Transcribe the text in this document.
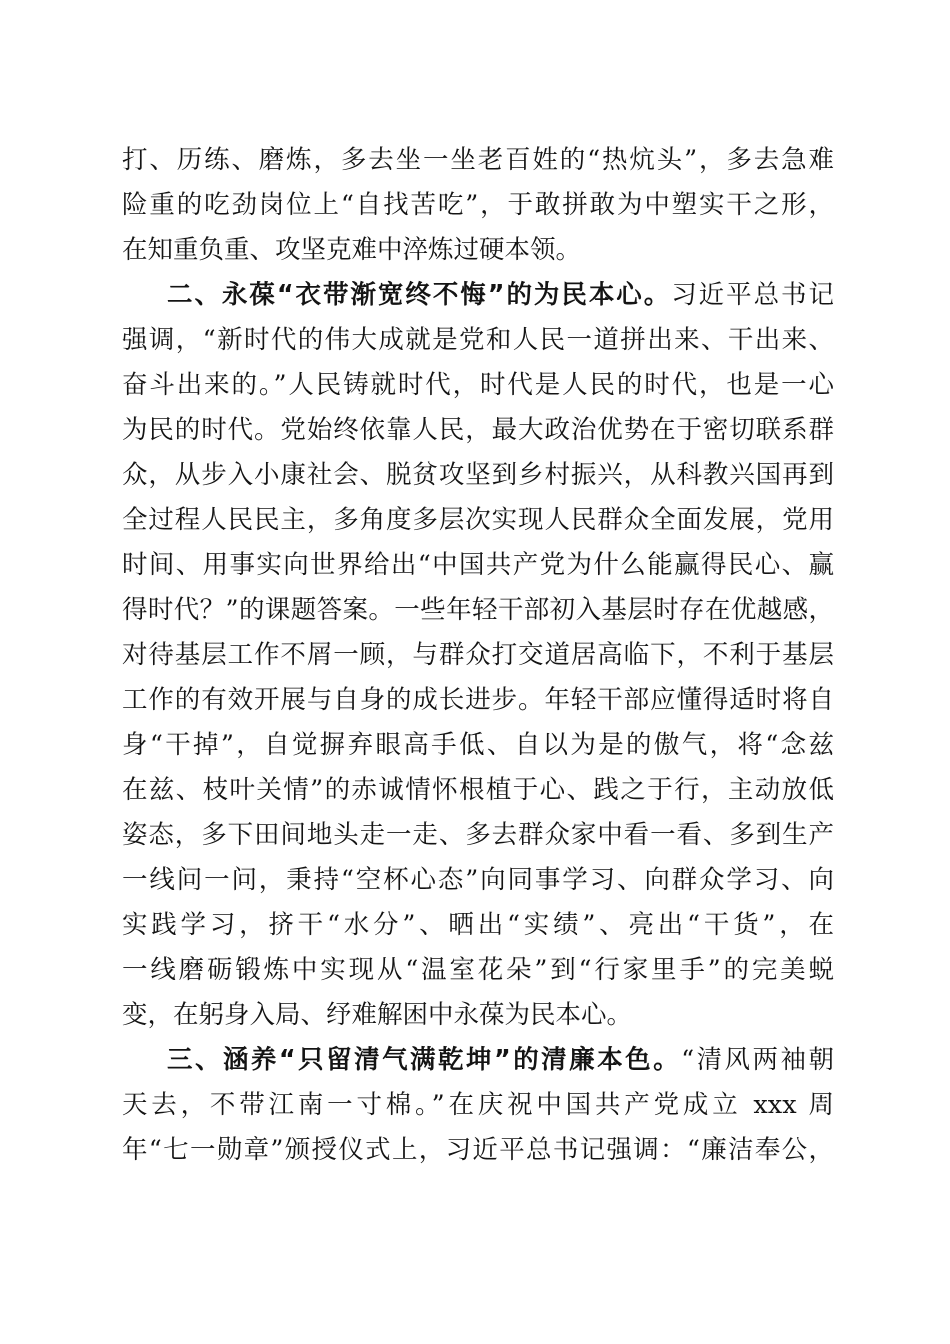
打、历练、磨炼，多去坐一坐老百姓的“热炕头”，多去急难
险重的吃劲岗位上“自找苦吃”，于敢拼敢为中塑实干之形，
在知重负重、攻坚克难中淬炼过硬本领。
二、永葆“衣带渐宽终不悔”的为民本心。习近平总书记
强调，“新时代的伟大成就是党和人民一道拼出来、干出来、
奋斗出来的。”人民铸就时代，时代是人民的时代，也是一心
为民的时代。党始终依靠人民，最大政治优势在于密切联系群
众，从步入小康社会、脱贫攻坚到乡村振兴，从科教兴国再到
全过程人民民主，多角度多层次实现人民群众全面发展，党用
时间、用事实向世界给出“中国共产党为什么能赢得民心、赢
得时代？”的课题答案。一些年轻干部初入基层时存在优越感，
对待基层工作不屑一顾，与群众打交道居高临下，不利于基层
工作的有效开展与自身的成长进步。年轻干部应懂得适时将自
身“干掉”，自觉摒弃眼高手低、自以为是的傲气，将“念兹
在兹、枝叶关情”的赤诚情怀根植于心、践之于行，主动放低
姿态，多下田间地头走一走、多去群众家中看一看、多到生产
一线问一问，秉持“空杯心态”向同事学习、向群众学习、向
实践学习，挤干“水分”、晒出“实绩”、亮出“干货”，在
一线磨砺锻炼中实现从“温室花朵”到“行家里手”的完美蜕
变，在躬身入局、纾难解困中永葆为民本心。
三、涵养“只留清气满乾坤”的清廉本色。“清风两袖朝
天去，不带江南一寸棉。”在庆祝中国共产党成立 xxx 周
年“七一勋章”颁授仪式上，习近平总书记强调：“廉洁奉公，
